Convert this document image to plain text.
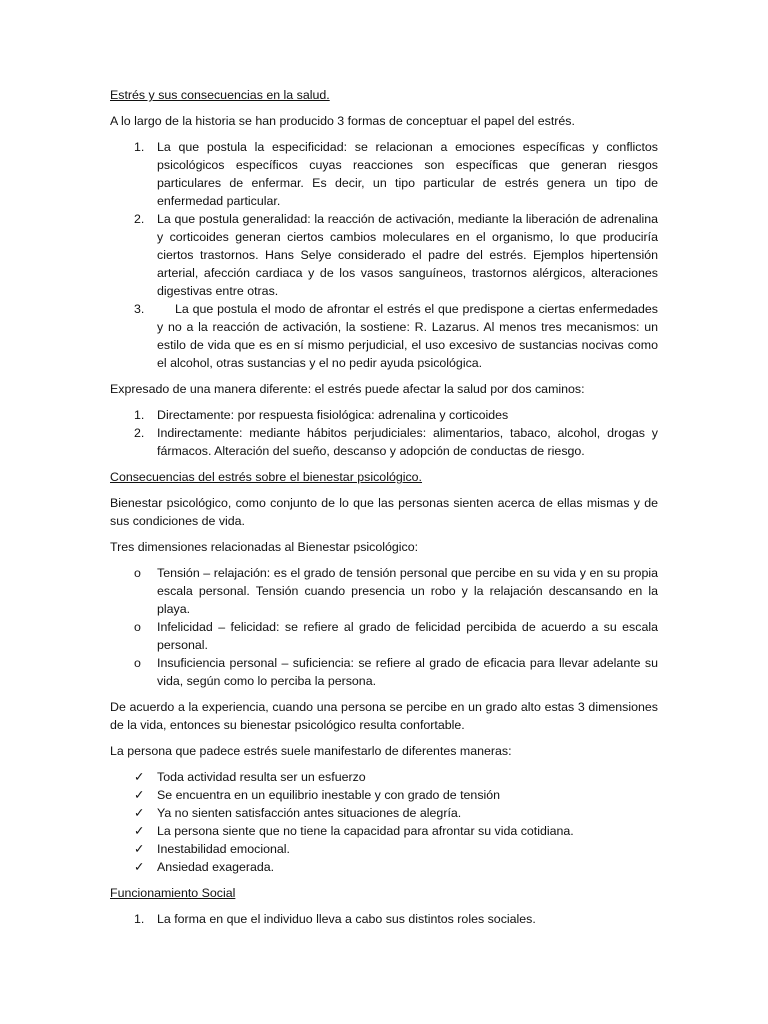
Estrés y sus consecuencias en la salud.

A lo largo de la historia se han producido 3 formas de conceptuar el papel del estrés.

1.	La que postula la especificidad: se relacionan a emociones específicas y conflictos psicológicos específicos cuyas reacciones son específicas que generan riesgos particulares de enfermar. Es decir, un tipo particular de estrés genera un tipo de enfermedad particular.
2.	La que postula generalidad: la reacción de activación, mediante la liberación de adrenalina y corticoides generan ciertos cambios moleculares en el organismo, lo que produciría ciertos trastornos. Hans Selye considerado el padre del estrés. Ejemplos hipertensión arterial, afección cardiaca y de los vasos sanguíneos, trastornos alérgicos, alteraciones digestivas entre otras.
3.	La que postula el modo de afrontar el estrés el que predispone a ciertas enfermedades y no a la reacción de activación, la sostiene: R. Lazarus. Al menos tres mecanismos: un estilo de vida que es en sí mismo perjudicial, el uso excesivo de sustancias nocivas como el alcohol, otras sustancias y el no pedir ayuda psicológica.

Expresado de una manera diferente: el estrés puede afectar la salud por dos caminos:

1.	Directamente: por respuesta fisiológica: adrenalina y corticoides
2.	Indirectamente: mediante hábitos perjudiciales: alimentarios, tabaco, alcohol, drogas y fármacos. Alteración del sueño, descanso y adopción de conductas de riesgo.

Consecuencias del estrés sobre el bienestar psicológico.

Bienestar psicológico, como conjunto de lo que las personas sienten acerca de ellas mismas y de sus condiciones de vida.

Tres dimensiones relacionadas al Bienestar psicológico:

o Tensión – relajación: es el grado de tensión personal que percibe en su vida y en su propia escala personal. Tensión cuando presencia un robo y la relajación descansando en la playa.
o Infelicidad – felicidad: se refiere al grado de felicidad percibida de acuerdo a su escala personal.
o Insuficiencia personal – suficiencia: se refiere al grado de eficacia para llevar adelante su vida, según como lo perciba la persona.

De acuerdo a la experiencia, cuando una persona se percibe en un grado alto estas 3 dimensiones de la vida, entonces su bienestar psicológico resulta confortable.

La persona que padece estrés suele manifestarlo de diferentes maneras:

✓ Toda actividad resulta ser un esfuerzo
✓ Se encuentra en un equilibrio inestable y con grado de tensión
✓ Ya no sienten satisfacción antes situaciones de alegría.
✓ La persona siente que no tiene la capacidad para afrontar su vida cotidiana.
✓ Inestabilidad emocional.
✓ Ansiedad exagerada.

Funcionamiento Social

1.	La forma en que el individuo lleva a cabo sus distintos roles sociales.
